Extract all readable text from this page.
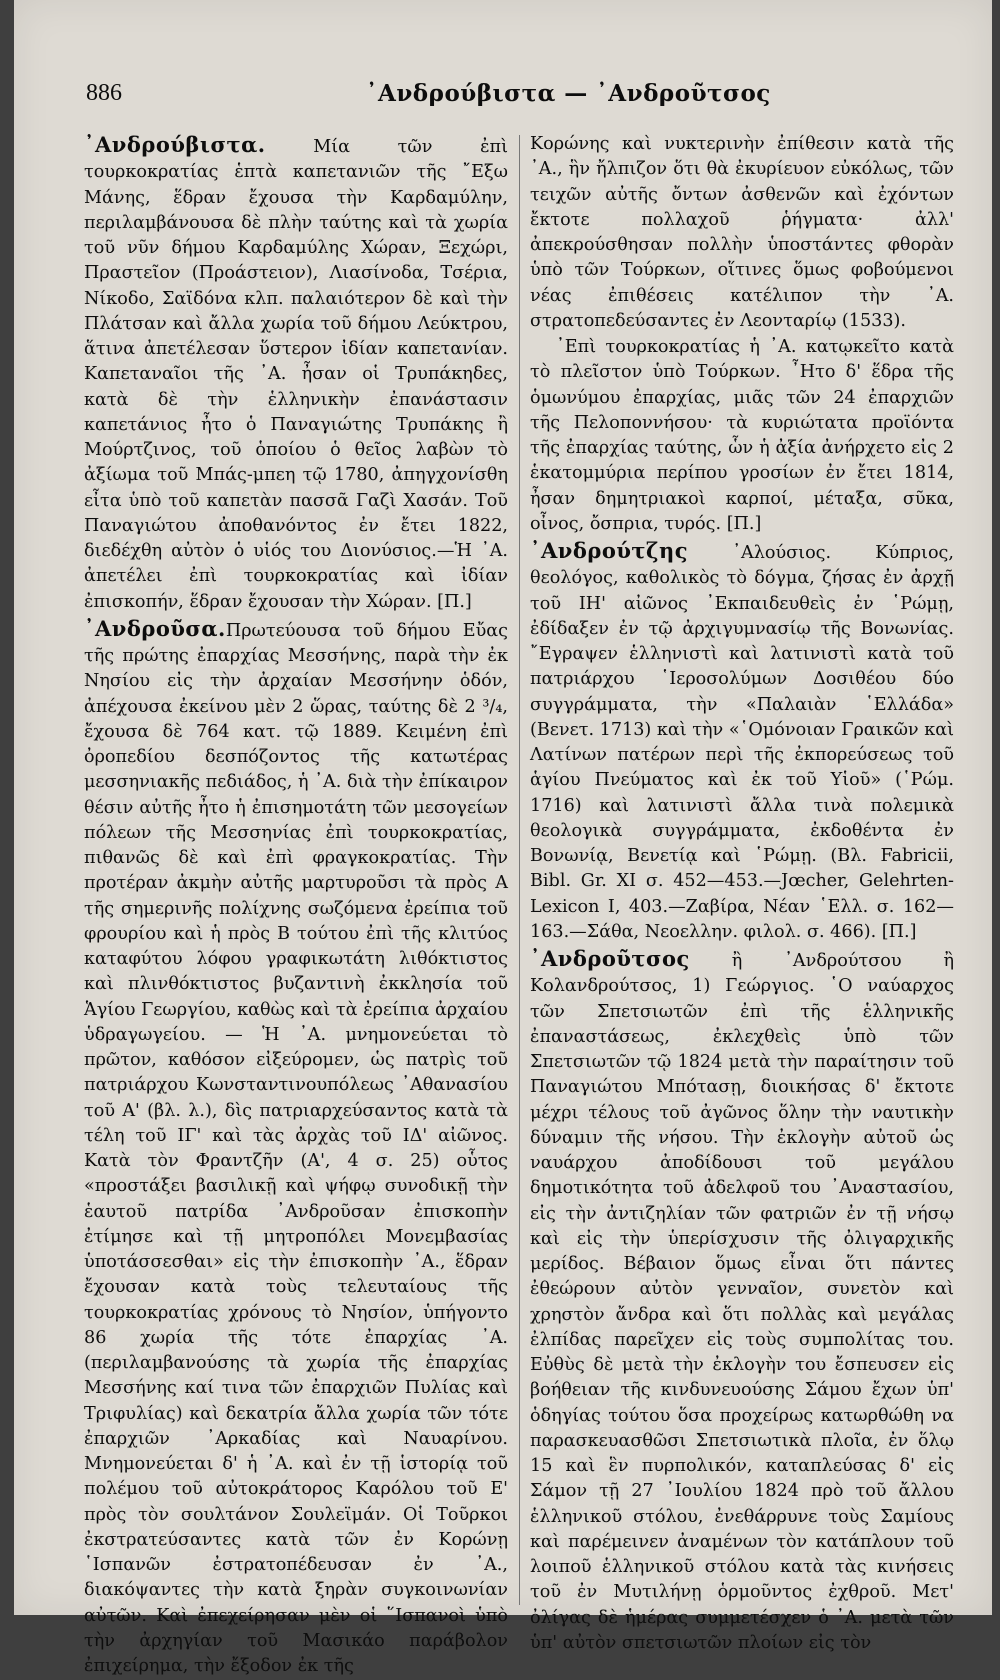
886	᾿Ανδρούβιστα — ᾿Ανδροῦτσος

᾿Ανδρούβιστα. Μία τῶν ἐπὶ τουρκοκρατίας ἑπτὰ καπετανιῶν τῆς ῎Εξω Μάνης, ἕδραν ἔχουσα τὴν Καρδαμύλην, περιλαμβάνουσα δὲ πλὴν ταύτης καὶ τὰ χωρία τοῦ νῦν δήμου Καρδαμύλης Χώραν, Ξεχώρι, Πραστεῖον (Προάστειον), Λιασίνοδα, Τσέρια, Νίκοδο, Σαϊδόνα κλπ. παλαιότερον δὲ καὶ τὴν Πλάτσαν καὶ ἄλλα χωρία τοῦ δήμου Λεύκτρου, ἅτινα ἀπετέλεσαν ὕστερον ἰδίαν καπετανίαν. Καπεταναῖοι τῆς ᾿Α. ἦσαν οἱ Τρυπάκηδες, κατὰ δὲ τὴν ἑλληνικὴν ἐπανάστασιν καπετάνιος ἦτο ὁ Παναγιώτης Τρυπάκης ἢ Μούρτζινος, τοῦ ὁποίου ὁ θεῖος λαβὼν τὸ ἀξίωμα τοῦ Μπάς-μπεη τῷ 1780, ἀπηγχονίσθη εἶτα ὑπὸ τοῦ καπετὰν πασσᾶ Γαζὶ Χασάν. Τοῦ Παναγιώτου ἀποθανόντος ἐν ἔτει 1822, διεδέχθη αὐτὸν ὁ υἱός του Διονύσιος.—Ἡ ᾿Α. ἀπετέλει ἐπὶ τουρκοκρατίας καὶ ἰδίαν ἐπισκοπήν, ἕδραν ἔχουσαν τὴν Χώραν. [Π.]

᾿Ανδροῦσα.Πρωτεύουσα τοῦ δήμου Εὔας τῆς πρώτης ἐπαρχίας Μεσσήνης, παρὰ τὴν ἐκ Νησίου εἰς τὴν ἀρχαίαν Μεσσήνην ὁδόν, ἀπέχουσα ἐκείνου μὲν 2 ὥρας, ταύτης δὲ 2 ³/₄, ἔχουσα δὲ 764 κατ. τῷ 1889. Κειμένη ἐπὶ ὀροπεδίου δεσπόζοντος τῆς κατωτέρας μεσσηνιακῆς πεδιάδος, ἡ ᾿Α. διὰ τὴν ἐπίκαιρον θέσιν αὐτῆς ἦτο ἡ ἐπισημοτάτη τῶν μεσογείων πόλεων τῆς Μεσσηνίας ἐπὶ τουρκοκρατίας, πιθανῶς δὲ καὶ ἐπὶ φραγκοκρατίας. Τὴν προτέραν ἀκμὴν αὐτῆς μαρτυροῦσι τὰ πρὸς Α τῆς σημερινῆς πολίχνης σωζόμενα ἐρείπια τοῦ φρουρίου καὶ ἡ πρὸς Β τούτου ἐπὶ τῆς κλιτύος καταφύτου λόφου γραφικωτάτη λιθόκτιστος καὶ πλινθόκτιστος βυζαντινὴ ἐκκλησία τοῦ Ἁγίου Γεωργίου, καθὼς καὶ τὰ ἐρείπια ἀρχαίου ὑδραγωγείου. — Ἡ ᾿Α. μνημονεύεται τὸ πρῶτον, καθόσον εἰξεύρομεν, ὡς πατρὶς τοῦ πατριάρχου Κωνσταντινουπόλεως ᾿Αθανασίου τοῦ Α' (βλ. λ.), δὶς πατριαρχεύσαντος κατὰ τὰ τέλη τοῦ ΙΓ' καὶ τὰς ἀρχὰς τοῦ ΙΔ' αἰῶνος. Κατὰ τὸν Φραντζῆν (Α', 4 σ. 25) οὗτος «προστάξει βασιλικῇ καὶ ψήφῳ συνοδικῇ τὴν ἑαυτοῦ πατρίδα ᾿Ανδροῦσαν ἐπισκοπὴν ἐτίμησε καὶ τῇ μητροπόλει Μονεμβασίας ὑποτάσσεσθαι» εἰς τὴν ἐπισκοπὴν ᾿Α., ἕδραν ἔχουσαν κατὰ τοὺς τελευταίους τῆς τουρκοκρατίας χρόνους τὸ Νησίον, ὑπήγοντο 86 χωρία τῆς τότε ἐπαρχίας ᾿Α. (περιλαμβανούσης τὰ χωρία τῆς ἐπαρχίας Μεσσήνης καί τινα τῶν ἐπαρχιῶν Πυλίας καὶ Τριφυλίας) καὶ δεκατρία ἄλλα χωρία τῶν τότε ἐπαρχιῶν ᾿Αρκαδίας καὶ Ναυαρίνου. Μνημονεύεται δ' ἡ ᾿Α. καὶ ἐν τῇ ἱστορίᾳ τοῦ πολέμου τοῦ αὐτοκράτορος Καρόλου τοῦ Ε' πρὸς τὸν σουλτάνον Σουλεϊμάν. Οἱ Τοῦρκοι ἐκστρατεύσαντες κατὰ τῶν ἐν Κορώνῃ ῾Ισπανῶν ἐστρατοπέδευσαν ἐν ᾿Α., διακόψαντες τὴν κατὰ ξηρὰν συγκοινωνίαν αὐτῶν. Καὶ ἐπεχείρησαν μὲν οἱ ῞Ισπανοὶ ὑπὸ τὴν ἀρχηγίαν τοῦ Μασικάο παράβολον ἐπιχείρημα, τὴν ἔξοδον ἐκ τῆς

Κορώνης καὶ νυκτερινὴν ἐπίθεσιν κατὰ τῆς ᾿Α., ἣν ἤλπιζον ὅτι θὰ ἐκυρίευον εὐκόλως, τῶν τειχῶν αὐτῆς ὄντων ἀσθενῶν καὶ ἐχόντων ἔκτοτε πολλαχοῦ ῥήγματα· ἀλλ' ἀπεκρούσθησαν πολλὴν ὑποστάντες φθορὰν ὑπὸ τῶν Τούρκων, οἵτινες ὅμως φοβούμενοι νέας ἐπιθέσεις κατέλιπον τὴν ᾿Α. στρατοπεδεύσαντες ἐν Λεονταρίῳ (1533).

᾿Επὶ τουρκοκρατίας ἡ ᾿Α. κατῳκεῖτο κατὰ τὸ πλεῖστον ὑπὸ Τούρκων. ῏Ητο δ' ἕδρα τῆς ὁμωνύμου ἐπαρχίας, μιᾶς τῶν 24 ἐπαρχιῶν τῆς Πελοποννήσου· τὰ κυριώτατα προϊόντα τῆς ἐπαρχίας ταύτης, ὧν ἡ ἀξία ἀνήρχετο εἰς 2 ἑκατομμύρια περίπου γροσίων ἐν ἔτει 1814, ἦσαν δημητριακοὶ καρποί, μέταξα, σῦκα, οἶνος, ὄσπρια, τυρός. [Π.]

᾿Ανδρούτζης ᾿Αλούσιος. Κύπριος, θεολόγος, καθολικὸς τὸ δόγμα, ζήσας ἐν ἀρχῇ τοῦ ΙΗ' αἰῶνος ᾿Εκπαιδευθεὶς ἐν ῾Ρώμῃ, ἐδίδαξεν ἐν τῷ ἀρχιγυμνασίῳ τῆς Βονωνίας. ῎Εγραψεν ἑλληνιστὶ καὶ λατινιστὶ κατὰ τοῦ πατριάρχου ῾Ιεροσολύμων Δοσιθέου δύο συγγράμματα, τὴν «Παλαιὰν ῾Ελλάδα» (Βενετ. 1713) καὶ τὴν «῾Ομόνοιαν Γραικῶν καὶ Λατίνων πατέρων περὶ τῆς ἐκπορεύσεως τοῦ ἁγίου Πνεύματος καὶ ἐκ τοῦ Υἱοῦ» (῾Ρώμ. 1716) καὶ λατινιστὶ ἄλλα τινὰ πολεμικὰ θεολογικὰ συγγράμματα, ἐκδοθέντα ἐν Βονωνίᾳ, Βενετίᾳ καὶ ῾Ρώμῃ. (Βλ. Fabricii, Bibl. Gr. XI σ. 452—453.—Jœcher, Gelehrten-Lexicon I, 403.—Ζαβίρα, Νέαν ῾Ελλ. σ. 162—163.—Σάθα, Νεοελλην. φιλολ. σ. 466). [Π.]

᾿Ανδροῦτσος ἢ ᾿Ανδρούτσου ἢ Κολανδρούτσος, 1) Γεώργιος. ῾Ο ναύαρχος τῶν Σπετσιωτῶν ἐπὶ τῆς ἑλληνικῆς ἐπαναστάσεως, ἐκλεχθεὶς ὑπὸ τῶν Σπετσιωτῶν τῷ 1824 μετὰ τὴν παραίτησιν τοῦ Παναγιώτου Μπότασῃ, διοικήσας δ' ἔκτοτε μέχρι τέλους τοῦ ἀγῶνος ὅλην τὴν ναυτικὴν δύναμιν τῆς νήσου. Τὴν ἐκλογὴν αὐτοῦ ὡς ναυάρχου ἀποδίδουσι τοῦ μεγάλου δημοτικότητα τοῦ ἀδελφοῦ του ᾿Αναστασίου, εἰς τὴν ἀντιζηλίαν τῶν φατριῶν ἐν τῇ νήσῳ καὶ εἰς τὴν ὑπερίσχυσιν τῆς ὀλιγαρχικῆς μερίδος. Βέβαιον ὅμως εἶναι ὅτι πάντες ἐθεώρουν αὐτὸν γενναῖον, συνετὸν καὶ χρηστὸν ἄνδρα καὶ ὅτι πολλὰς καὶ μεγάλας ἐλπίδας παρεῖχεν εἰς τοὺς συμπολίτας του. Εὐθὺς δὲ μετὰ τὴν ἐκλογὴν του ἔσπευσεν εἰς βοήθειαν τῆς κινδυνευούσης Σάμου ἔχων ὑπ' ὁδηγίας τούτου ὅσα προχείρως κατωρθώθη να παρασκευασθῶσι Σπετσιωτικὰ πλοῖα, ἐν ὅλῳ 15 καὶ ἓν πυρπολικόν, καταπλεύσας δ' εἰς Σάμον τῇ 27 ᾿Ιουλίου 1824 πρὸ τοῦ ἄλλου ἑλληνικοῦ στόλου, ἐνεθάρρυνε τοὺς Σαμίους καὶ παρέμεινεν ἀναμένων τὸν κατάπλουν τοῦ λοιποῦ ἑλληνικοῦ στόλου κατὰ τὰς κινήσεις τοῦ ἐν Μυτιλήνῃ ὁρμοῦντος ἐχθροῦ. Μετ' ὀλίγας δὲ ἡμέρας συμμετέσχεν ὁ ᾿Α. μετὰ τῶν ὑπ' αὐτὸν σπετσιωτῶν πλοίων εἰς τὸν
